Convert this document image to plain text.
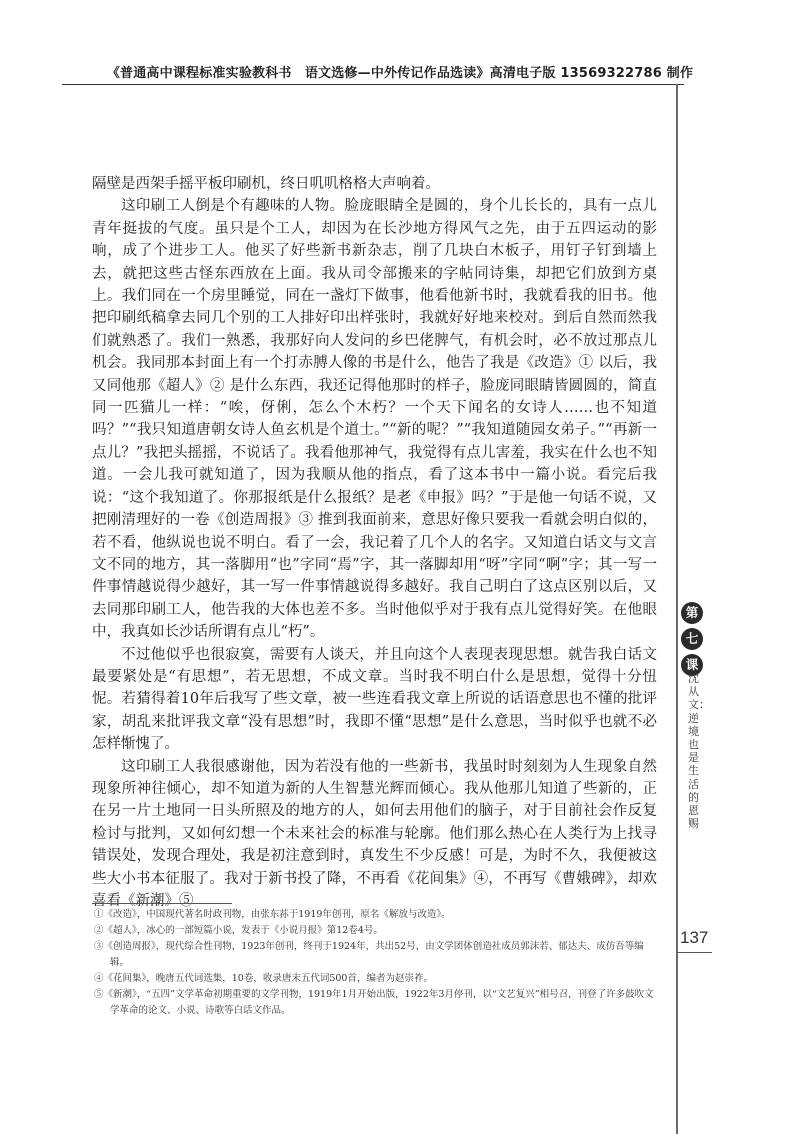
《普通高中课程标准实验教科书　语文选修—中外传记作品选读》高清电子版 13569322786 制作

隔壁是西架手摇平板印刷机，终日叽叽格格大声响着。

这印刷工人倒是个有趣味的人物。脸庞眼睛全是圆的，身个儿长长的，具有一点儿青年挺拔的气度。虽只是个工人，却因为在长沙地方得风气之先，由于五四运动的影响，成了个进步工人。他买了好些新书新杂志，削了几块白木板子，用钉子钉到墙上去，就把这些古怪东西放在上面。我从司令部搬来的字帖同诗集，却把它们放到方桌上。我们同在一个房里睡觉，同在一盏灯下做事，他看他新书时，我就看我的旧书。他把印刷纸稿拿去同几个别的工人排好印出样张时，我就好好地来校对。到后自然而然我们就熟悉了。我们一熟悉，我那好向人发问的乡巴佬脾气，有机会时，必不放过那点儿机会。我同那本封面上有一个打赤膊人像的书是什么，他告了我是《改造》① 以后，我又同他那《超人》② 是什么东西，我还记得他那时的样子，脸庞同眼睛皆圆圆的，简直同一匹猫儿一样：“唉，伢俐，怎么个木朽？一个天下闻名的女诗人……也不知道吗？”“我只知道唐朝女诗人鱼玄机是个道士。”“新的呢？”“我知道随园女弟子。”“再新一点儿？”我把头摇摇，不说话了。我看他那神气，我觉得有点儿害羞，我实在什么也不知道。一会儿我可就知道了，因为我顺从他的指点，看了这本书中一篇小说。看完后我说：“这个我知道了。你那报纸是什么报纸？是老《申报》吗？”于是他一句话不说，又把刚清理好的一卷《创造周报》③ 推到我面前来，意思好像只要我一看就会明白似的，若不看，他纵说也说不明白。看了一会，我记着了几个人的名字。又知道白话文与文言文不同的地方，其一落脚用“也”字同“焉”字，其一落脚却用“呀”字同“啊”字；其一写一件事情越说得少越好，其一写一件事情越说得多越好。我自己明白了这点区别以后，又去同那印刷工人，他告我的大体也差不多。当时他似乎对于我有点儿觉得好笑。在他眼中，我真如长沙话所谓有点儿“朽”。

不过他似乎也很寂寞，需要有人谈天，并且向这个人表现表现思想。就告我白话文最要紧处是“有思想”，若无思想，不成文章。当时我不明白什么是思想，觉得十分忸怩。若猜得着10年后我写了些文章，被一些连看我文章上所说的话语意思也不懂的批评家，胡乱来批评我文章“没有思想”时，我即不懂“思想”是什么意思，当时似乎也就不必怎样惭愧了。

这印刷工人我很感谢他，因为若没有他的一些新书，我虽时时刻刻为人生现象自然现象所神往倾心，却不知道为新的人生智慧光辉而倾心。我从他那儿知道了些新的，正在另一片土地同一日头所照及的地方的人，如何去用他们的脑子，对于目前社会作反复检讨与批判，又如何幻想一个未来社会的标准与轮廓。他们那么热心在人类行为上找寻错误处，发现合理处，我是初注意到时，真发生不少反感！可是，为时不久，我便被这些大小书本征服了。我对于新书投了降，不再看《花间集》④，不再写《曹娥碑》，却欢喜看《新潮》⑤

①《改造》，中国现代著名时政刊物，由张东荪于1919年创刊，原名《解放与改造》。
②《超人》，冰心的一部短篇小说，发表于《小说月报》第12卷4号。
③《创造周报》，现代综合性刊物，1923年创刊，终刊于1924年，共出52号，由文学团体创造社成员郭沫若、郁达夫、成仿吾等编辑。
④《花间集》，晚唐五代词选集，10卷，收录唐末五代词500首，编者为赵崇祚。
⑤《新潮》，“五四”文学革命初期重要的文学刊物，1919年1月开始出版，1922年3月停刊，以“文艺复兴”相号召，刊登了许多鼓吹文学革命的论文、小说、诗歌等白话文作品。
第
七
课
沈从文：逆境也是生活的恩赐
137
